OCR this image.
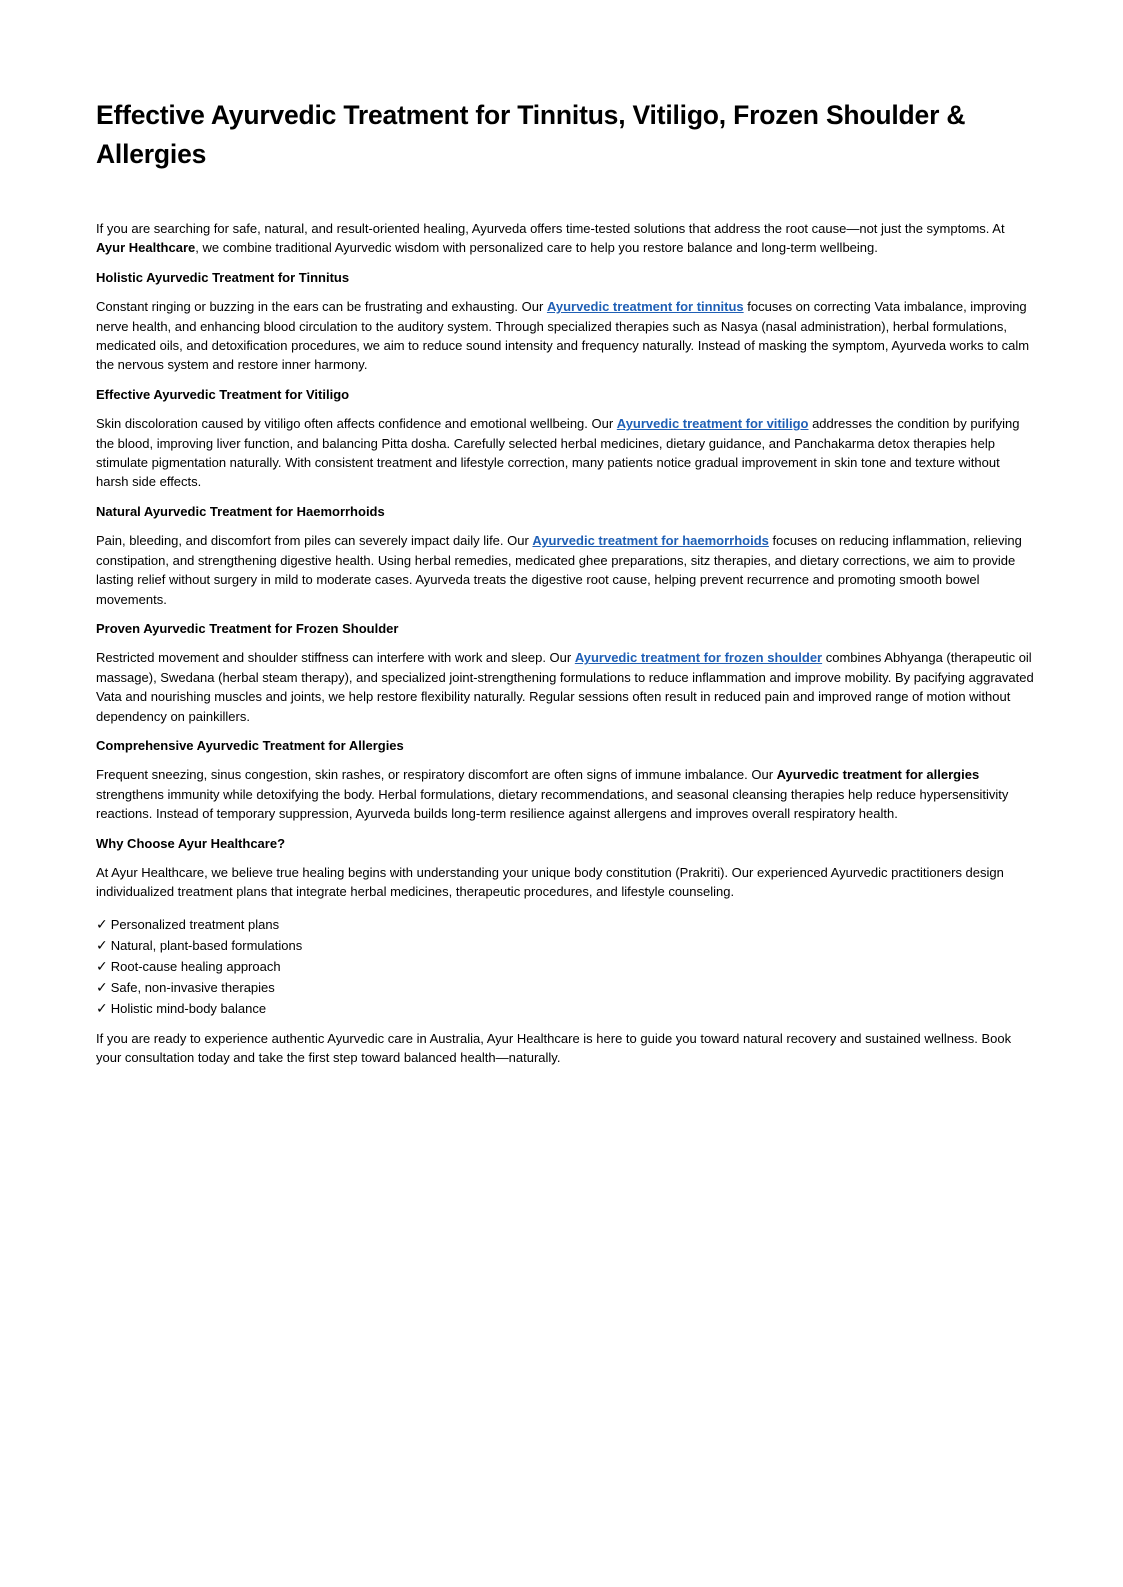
Effective Ayurvedic Treatment for Tinnitus, Vitiligo, Frozen Shoulder & Allergies

If you are searching for safe, natural, and result-oriented healing, Ayurveda offers time-tested solutions that address the root cause—not just the symptoms. At Ayur Healthcare, we combine traditional Ayurvedic wisdom with personalized care to help you restore balance and long-term wellbeing.

Holistic Ayurvedic Treatment for Tinnitus

Constant ringing or buzzing in the ears can be frustrating and exhausting. Our Ayurvedic treatment for tinnitus focuses on correcting Vata imbalance, improving nerve health, and enhancing blood circulation to the auditory system. Through specialized therapies such as Nasya (nasal administration), herbal formulations, medicated oils, and detoxification procedures, we aim to reduce sound intensity and frequency naturally. Instead of masking the symptom, Ayurveda works to calm the nervous system and restore inner harmony.

Effective Ayurvedic Treatment for Vitiligo

Skin discoloration caused by vitiligo often affects confidence and emotional wellbeing. Our Ayurvedic treatment for vitiligo addresses the condition by purifying the blood, improving liver function, and balancing Pitta dosha. Carefully selected herbal medicines, dietary guidance, and Panchakarma detox therapies help stimulate pigmentation naturally. With consistent treatment and lifestyle correction, many patients notice gradual improvement in skin tone and texture without harsh side effects.

Natural Ayurvedic Treatment for Haemorrhoids

Pain, bleeding, and discomfort from piles can severely impact daily life. Our Ayurvedic treatment for haemorrhoids focuses on reducing inflammation, relieving constipation, and strengthening digestive health. Using herbal remedies, medicated ghee preparations, sitz therapies, and dietary corrections, we aim to provide lasting relief without surgery in mild to moderate cases. Ayurveda treats the digestive root cause, helping prevent recurrence and promoting smooth bowel movements.

Proven Ayurvedic Treatment for Frozen Shoulder

Restricted movement and shoulder stiffness can interfere with work and sleep. Our Ayurvedic treatment for frozen shoulder combines Abhyanga (therapeutic oil massage), Swedana (herbal steam therapy), and specialized joint-strengthening formulations to reduce inflammation and improve mobility. By pacifying aggravated Vata and nourishing muscles and joints, we help restore flexibility naturally. Regular sessions often result in reduced pain and improved range of motion without dependency on painkillers.

Comprehensive Ayurvedic Treatment for Allergies

Frequent sneezing, sinus congestion, skin rashes, or respiratory discomfort are often signs of immune imbalance. Our Ayurvedic treatment for allergies strengthens immunity while detoxifying the body. Herbal formulations, dietary recommendations, and seasonal cleansing therapies help reduce hypersensitivity reactions. Instead of temporary suppression, Ayurveda builds long-term resilience against allergens and improves overall respiratory health.

Why Choose Ayur Healthcare?

At Ayur Healthcare, we believe true healing begins with understanding your unique body constitution (Prakriti). Our experienced Ayurvedic practitioners design individualized treatment plans that integrate herbal medicines, therapeutic procedures, and lifestyle counseling.

✓ Personalized treatment plans
✓ Natural, plant-based formulations
✓ Root-cause healing approach
✓ Safe, non-invasive therapies
✓ Holistic mind-body balance

If you are ready to experience authentic Ayurvedic care in Australia, Ayur Healthcare is here to guide you toward natural recovery and sustained wellness. Book your consultation today and take the first step toward balanced health—naturally.
